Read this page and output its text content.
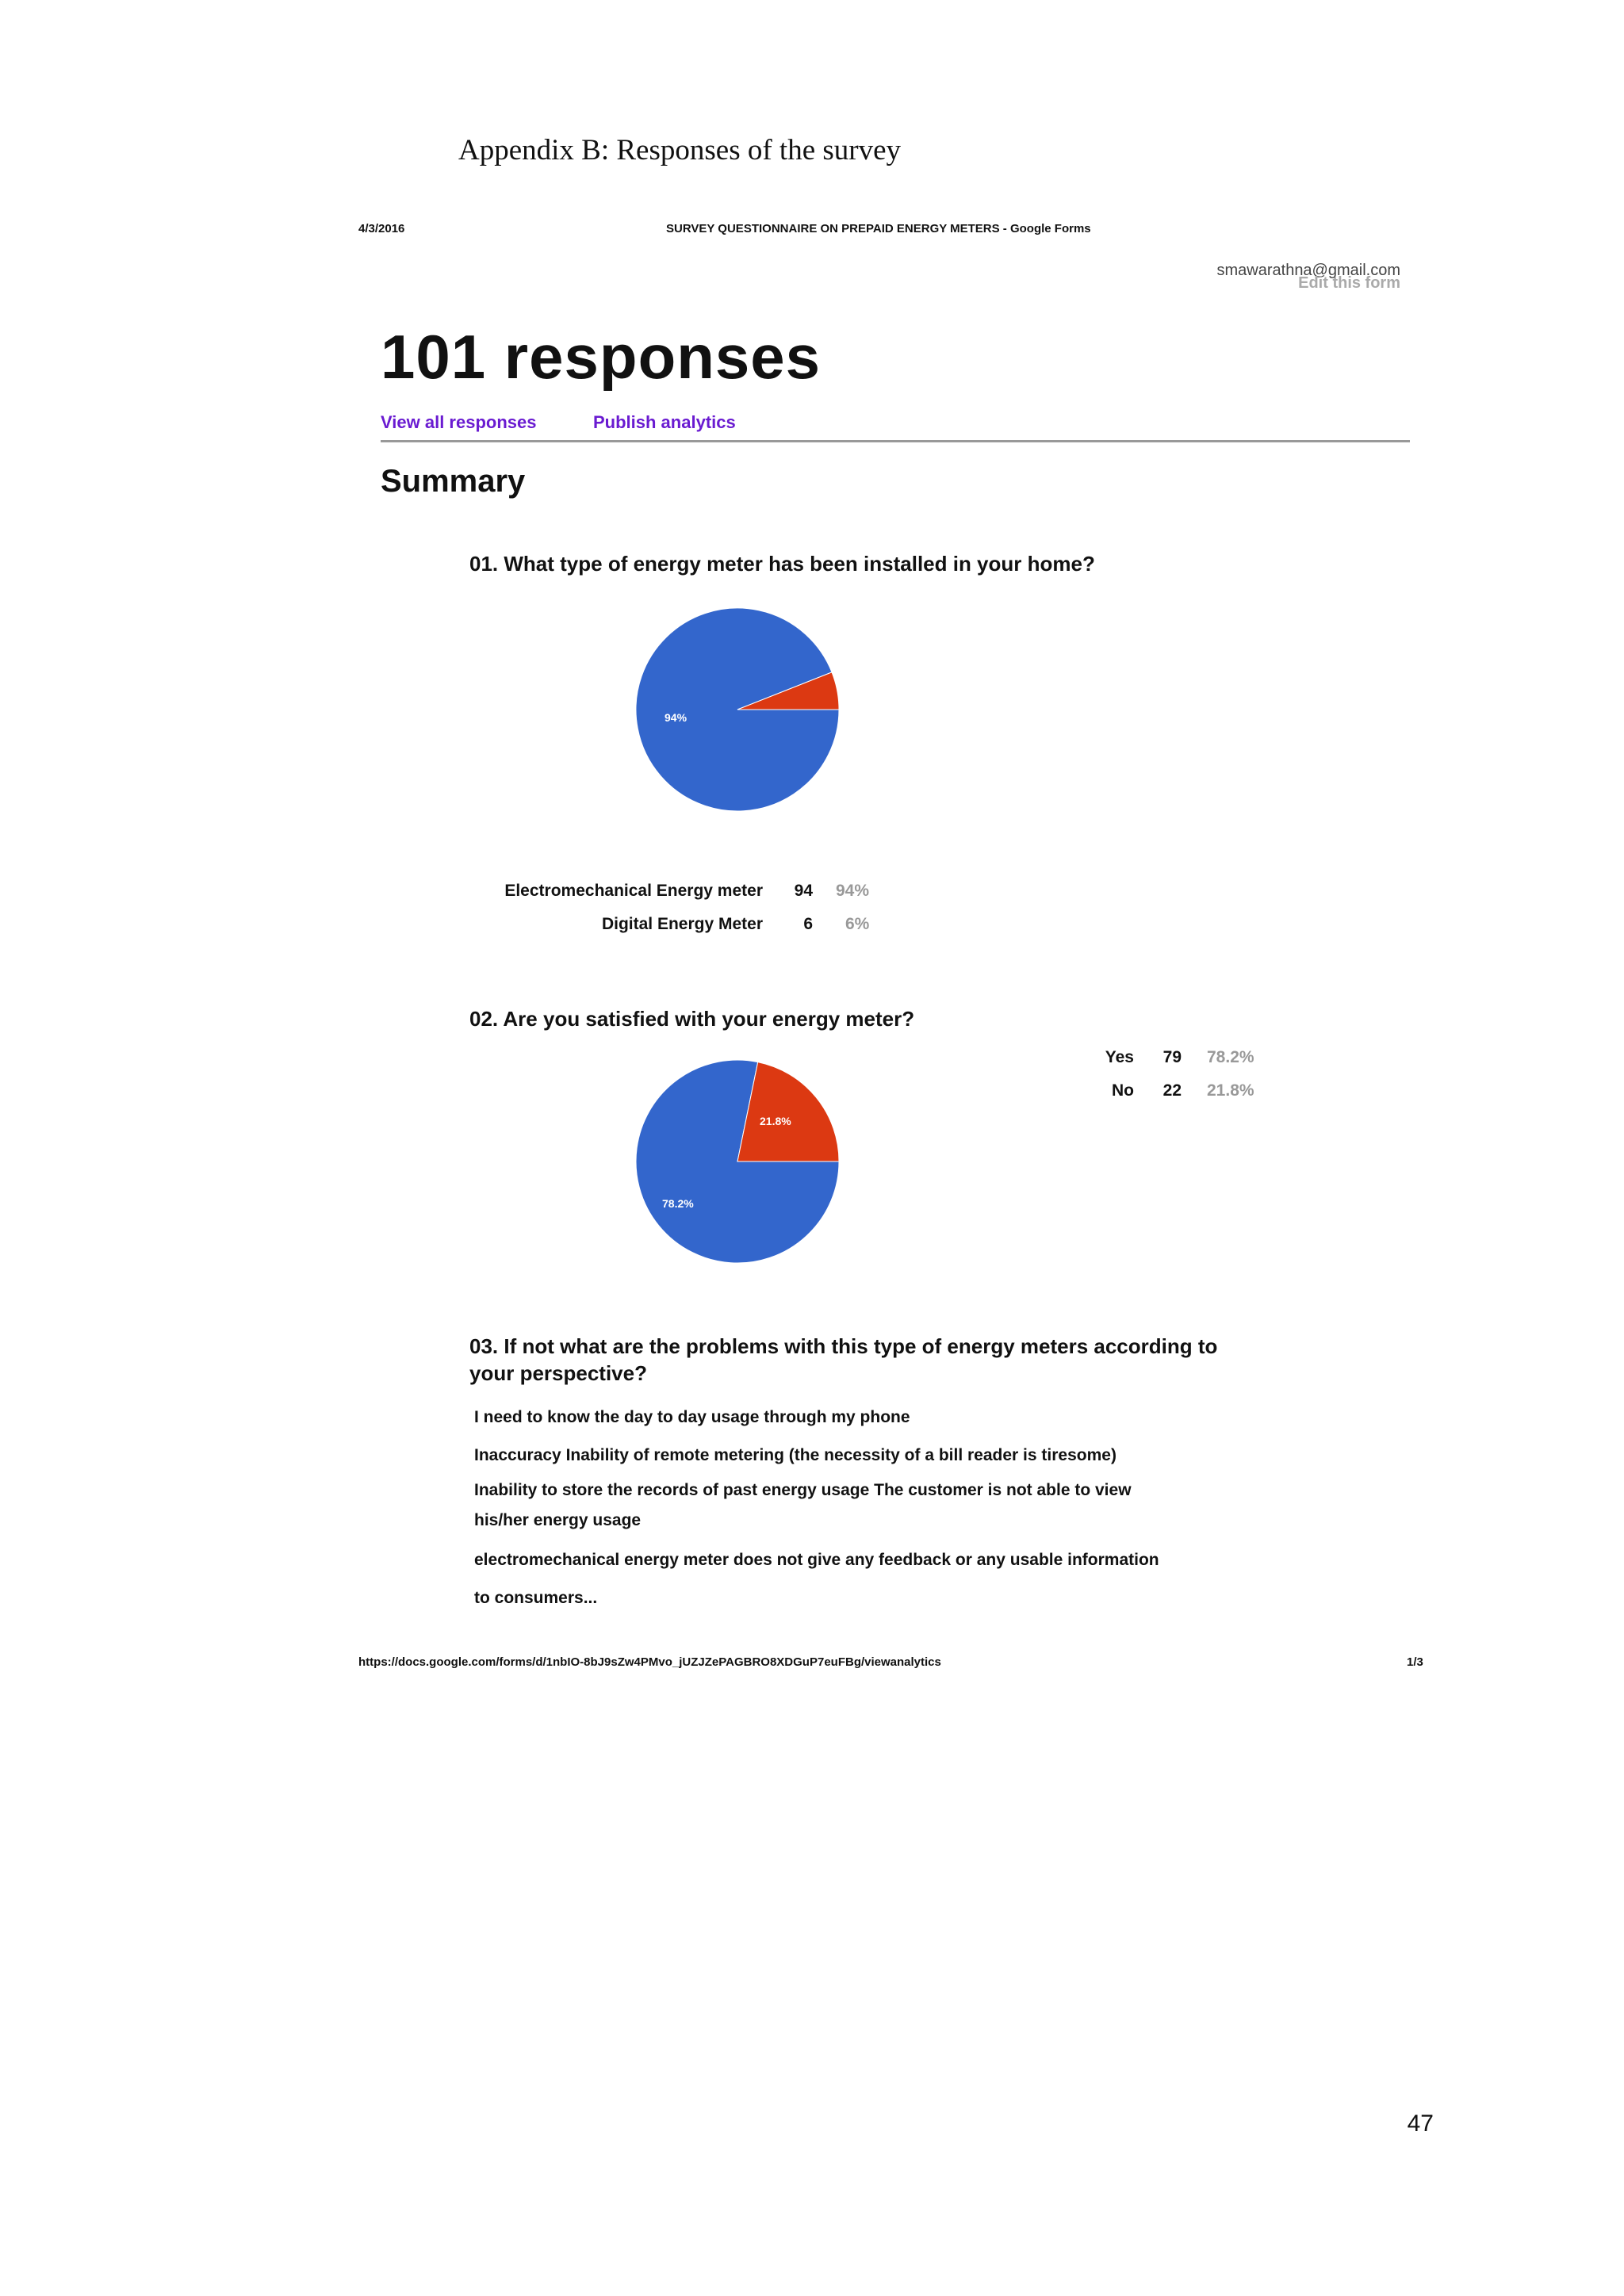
Appendix B: Responses of the survey
4/3/2016	SURVEY QUESTIONNAIRE ON PREPAID ENERGY METERS - Google Forms
smawarathna@gmail.com
Edit this form
101 responses
View all responses	Publish analytics
Summary
01. What type of energy meter has been installed in your home?
94%
Electromechanical Energy meter	94 94%
Digital Energy Meter	6 6%
02. Are you satisfied with your energy meter?
78.2%
21.8%
Yes	79 78.2%
No	22 21.8%
03. If not what are the problems with this type of energy meters according to
your perspective?
I need to know the day to day usage through my phone
Inaccuracy Inability of remote metering (the necessity of a bill reader is tiresome)
Inability to store the records of past energy usage The customer is not able to view
his/her energy usage
electromechanical energy meter does not give any feedback or any usable information
to consumers...
https://docs.google.com/forms/d/1nbIO-8bJ9sZw4PMvo_jUZJZePAGBRO8XDGuP7euFBg/viewanalytics	1/3
47
